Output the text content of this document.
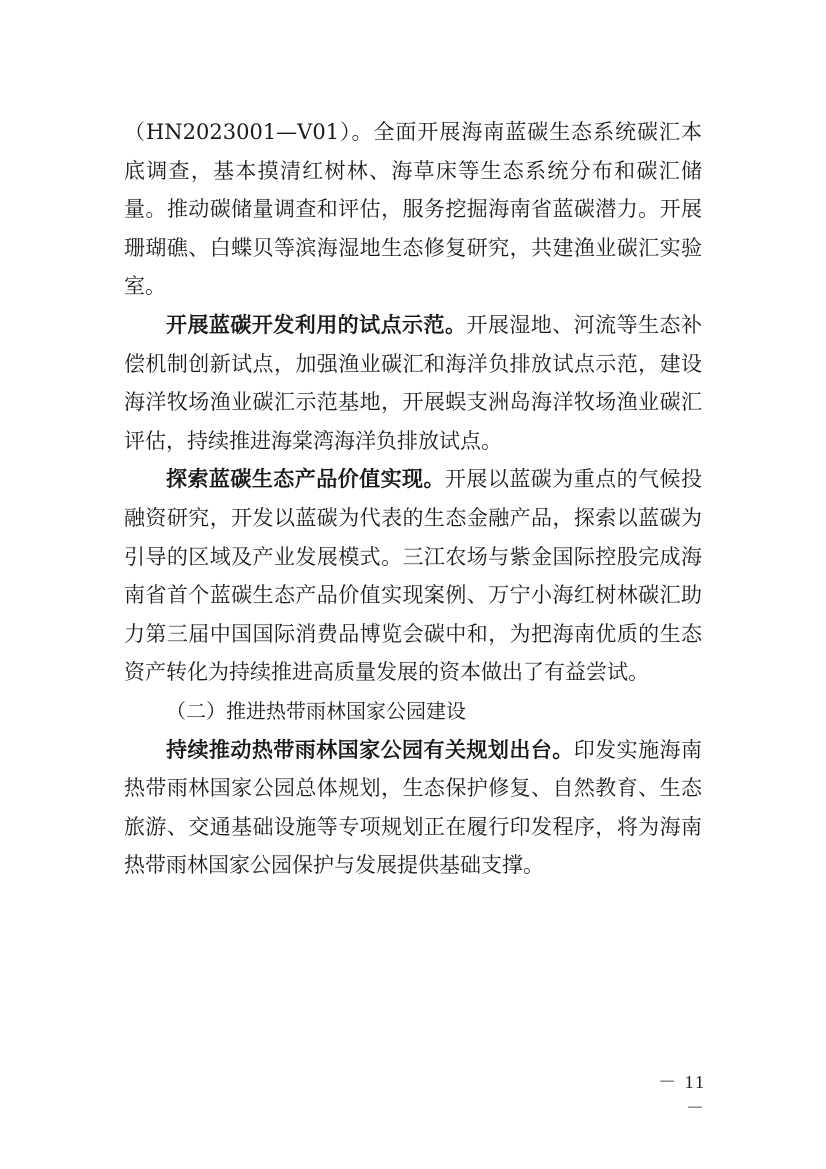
（HN2023001—V01）。全面开展海南蓝碳生态系统碳汇本底调查，基本摸清红树林、海草床等生态系统分布和碳汇储量。推动碳储量调查和评估，服务挖掘海南省蓝碳潜力。开展珊瑚礁、白蝶贝等滨海湿地生态修复研究，共建渔业碳汇实验室。

开展蓝碳开发利用的试点示范。开展湿地、河流等生态补偿机制创新试点，加强渔业碳汇和海洋负排放试点示范，建设海洋牧场渔业碳汇示范基地，开展蜈支洲岛海洋牧场渔业碳汇评估，持续推进海棠湾海洋负排放试点。

探索蓝碳生态产品价值实现。开展以蓝碳为重点的气候投融资研究，开发以蓝碳为代表的生态金融产品，探索以蓝碳为引导的区域及产业发展模式。三江农场与紫金国际控股完成海南省首个蓝碳生态产品价值实现案例、万宁小海红树林碳汇助力第三届中国国际消费品博览会碳中和，为把海南优质的生态资产转化为持续推进高质量发展的资本做出了有益尝试。

（二）推进热带雨林国家公园建设

持续推动热带雨林国家公园有关规划出台。印发实施海南热带雨林国家公园总体规划，生态保护修复、自然教育、生态旅游、交通基础设施等专项规划正在履行印发程序，将为海南热带雨林国家公园保护与发展提供基础支撑。

－ 11 －
